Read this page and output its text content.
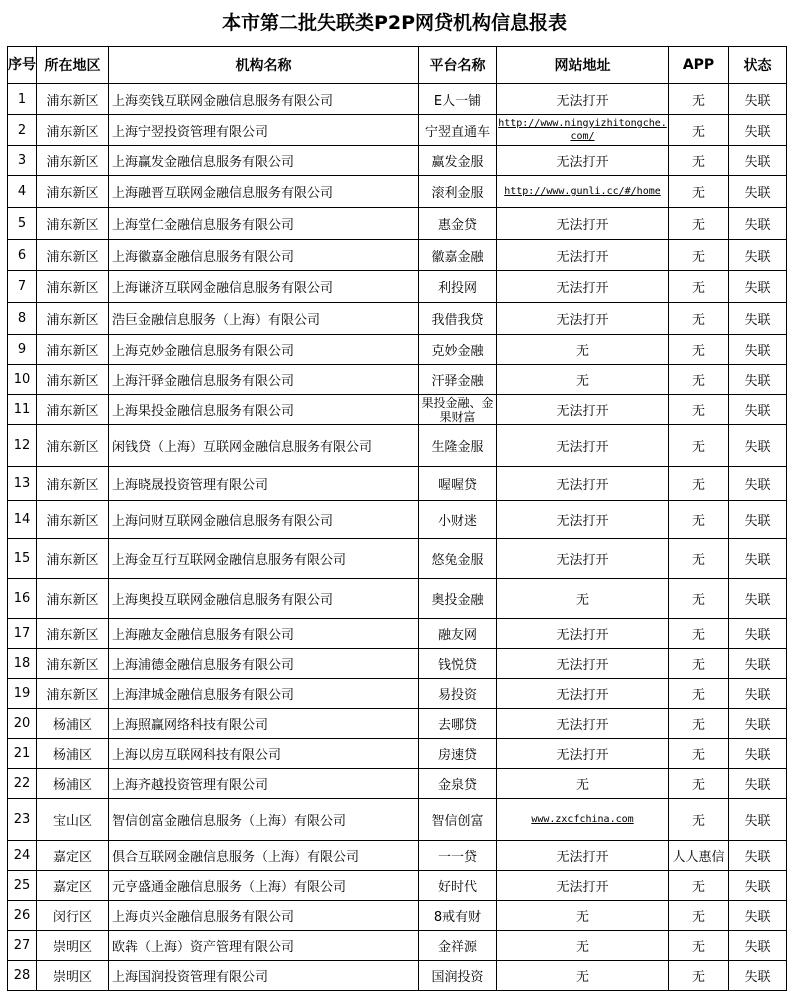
本市第二批失联类P2P网贷机构信息报表
序号	所在地区	机构名称	平台名称	网站地址	APP	状态
1	浦东新区	上海奕钱互联网金融信息服务有限公司	E人一铺	无法打开	无	失联
2	浦东新区	上海宁翌投资管理有限公司	宁翌直通车	http://www.ningyizhitongche.com/	无	失联
3	浦东新区	上海赢发金融信息服务有限公司	赢发金服	无法打开	无	失联
4	浦东新区	上海融晋互联网金融信息服务有限公司	滚利金服	http://www.gunli.cc/#/home	无	失联
5	浦东新区	上海堂仁金融信息服务有限公司	惠金贷	无法打开	无	失联
6	浦东新区	上海徽嘉金融信息服务有限公司	徽嘉金融	无法打开	无	失联
7	浦东新区	上海谦济互联网金融信息服务有限公司	利投网	无法打开	无	失联
8	浦东新区	浩巨金融信息服务（上海）有限公司	我借我贷	无法打开	无	失联
9	浦东新区	上海克妙金融信息服务有限公司	克妙金融	无	无	失联
10	浦东新区	上海汗驿金融信息服务有限公司	汗驿金融	无	无	失联
11	浦东新区	上海果投金融信息服务有限公司	果投金融、金果财富	无法打开	无	失联
12	浦东新区	闲钱贷（上海）互联网金融信息服务有限公司	生隆金服	无法打开	无	失联
13	浦东新区	上海晓晟投资管理有限公司	喔喔贷	无法打开	无	失联
14	浦东新区	上海问财互联网金融信息服务有限公司	小财迷	无法打开	无	失联
15	浦东新区	上海金互行互联网金融信息服务有限公司	悠兔金服	无法打开	无	失联
16	浦东新区	上海奥投互联网金融信息服务有限公司	奥投金融	无	无	失联
17	浦东新区	上海融友金融信息服务有限公司	融友网	无法打开	无	失联
18	浦东新区	上海浦德金融信息服务有限公司	钱悦贷	无法打开	无	失联
19	浦东新区	上海津城金融信息服务有限公司	易投资	无法打开	无	失联
20	杨浦区	上海照赢网络科技有限公司	去哪贷	无法打开	无	失联
21	杨浦区	上海以房互联网科技有限公司	房速贷	无法打开	无	失联
22	杨浦区	上海齐越投资管理有限公司	金泉贷	无	无	失联
23	宝山区	智信创富金融信息服务（上海）有限公司	智信创富	www.zxcfchina.com	无	失联
24	嘉定区	倶合互联网金融信息服务（上海）有限公司	一一贷	无法打开	人人惠信	失联
25	嘉定区	元亨盛通金融信息服务（上海）有限公司	好时代	无法打开	无	失联
26	闵行区	上海贞兴金融信息服务有限公司	8戒有财	无	无	失联
27	崇明区	欧犇（上海）资产管理有限公司	金祥源	无	无	失联
28	崇明区	上海国润投资管理有限公司	国润投资	无	无	失联
